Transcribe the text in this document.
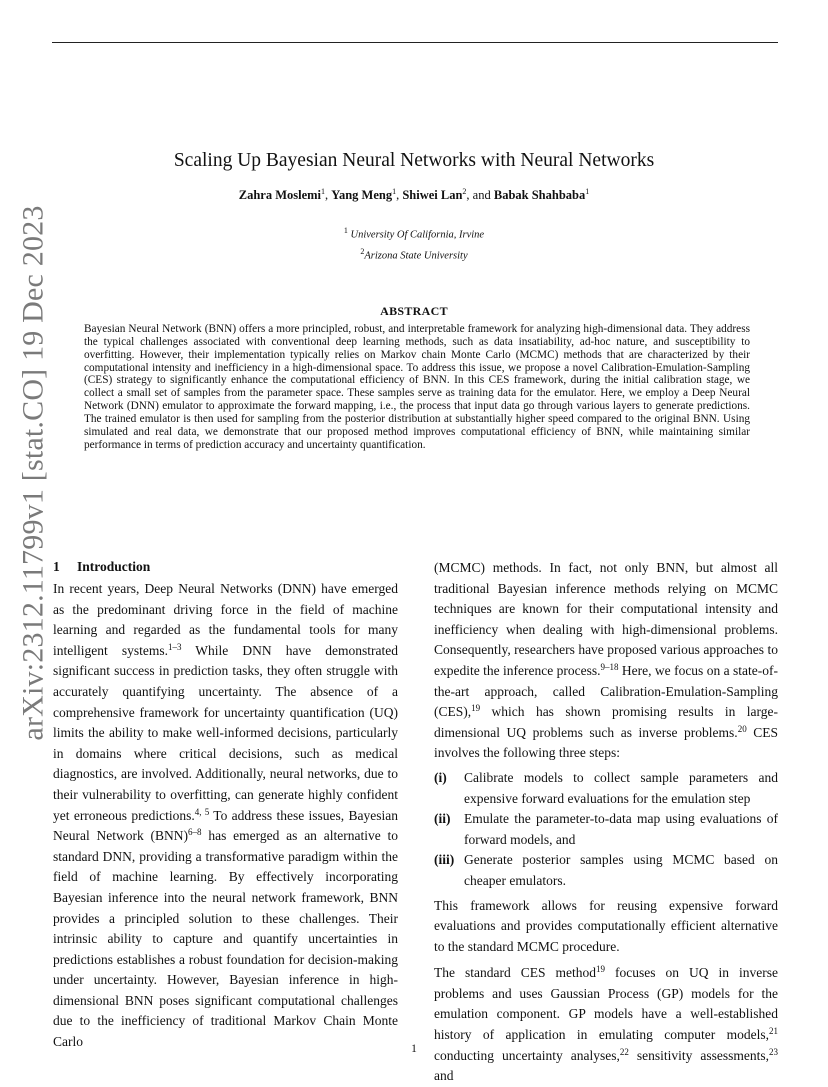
arXiv:2312.11799v1 [stat.CO] 19 Dec 2023
Scaling Up Bayesian Neural Networks with Neural Networks
Zahra Moslemi$^1$, Yang Meng$^1$, Shiwei Lan$^2$, and Babak Shahbaba$^1$
$^1$ University Of California, Irvine
$^2$Arizona State University
ABSTRACT

Bayesian Neural Network (BNN) offers a more principled, robust, and interpretable framework for analyzing high-dimensional data. They address the typical challenges associated with conventional deep learning methods, such as data insatiability, ad-hoc nature, and susceptibility to overfitting. However, their implementation typically relies on Markov chain Monte Carlo (MCMC) methods that are characterized by their computational intensity and inefficiency in a high-dimensional space. To address this issue, we propose a novel Calibration-Emulation-Sampling (CES) strategy to significantly enhance the computational efficiency of BNN. In this CES framework, during the initial calibration stage, we collect a small set of samples from the parameter space. These samples serve as training data for the emulator. Here, we employ a Deep Neural Network (DNN) emulator to approximate the forward mapping, i.e., the process that input data go through various layers to generate predictions. The trained emulator is then used for sampling from the posterior distribution at substantially higher speed compared to the original BNN. Using simulated and real data, we demonstrate that our proposed method improves computational efficiency of BNN, while maintaining similar performance in terms of prediction accuracy and uncertainty quantification.

1 Introduction

In recent years, Deep Neural Networks (DNN) have emerged as the predominant driving force in the field of machine learning and regarded as the fundamental tools for many intelligent systems.$^{1-3}$ While DNN have demonstrated significant success in prediction tasks, they often struggle with accurately quantifying uncertainty. The absence of a comprehensive framework for uncertainty quantification (UQ) limits the ability to make well-informed decisions, particularly in domains where critical decisions, such as medical diagnostics, are involved. Additionally, neural networks, due to their vulnerability to overfitting, can generate highly confident yet erroneous predictions.$^{4, 5}$ To address these issues, Bayesian Neural Network (BNN)$^{6-8}$ has emerged as an alternative to standard DNN, providing a transformative paradigm within the field of machine learning. By effectively incorporating Bayesian inference into the neural network framework, BNN provides a principled solution to these challenges. Their intrinsic ability to capture and quantify uncertainties in predictions establishes a robust foundation for decision-making under uncertainty. However, Bayesian inference in high-dimensional BNN poses significant computational challenges due to the inefficiency of traditional Markov Chain Monte Carlo

(MCMC) methods. In fact, not only BNN, but almost all traditional Bayesian inference methods relying on MCMC techniques are known for their computational intensity and inefficiency when dealing with high-dimensional problems. Consequently, researchers have proposed various approaches to expedite the inference process.$^{9-18}$ Here, we focus on a state-of-the-art approach, called Calibration-Emulation-Sampling (CES),$^{19}$ which has shown promising results in large-dimensional UQ problems such as inverse problems.$^{20}$ CES involves the following three steps:

(i) Calibrate models to collect sample parameters and expensive forward evaluations for the emulation step
(ii) Emulate the parameter-to-data map using evaluations of forward models, and
(iii) Generate posterior samples using MCMC based on cheaper emulators.

This framework allows for reusing expensive forward evaluations and provides computationally efficient alternative to the standard MCMC procedure.

The standard CES method$^{19}$ focuses on UQ in inverse problems and uses Gaussian Process (GP) models for the emulation component. GP models have a well-established history of application in emulating computer models,$^{21}$ conducting uncertainty analyses,$^{22}$ sensitivity assessments,$^{23}$ and

1
